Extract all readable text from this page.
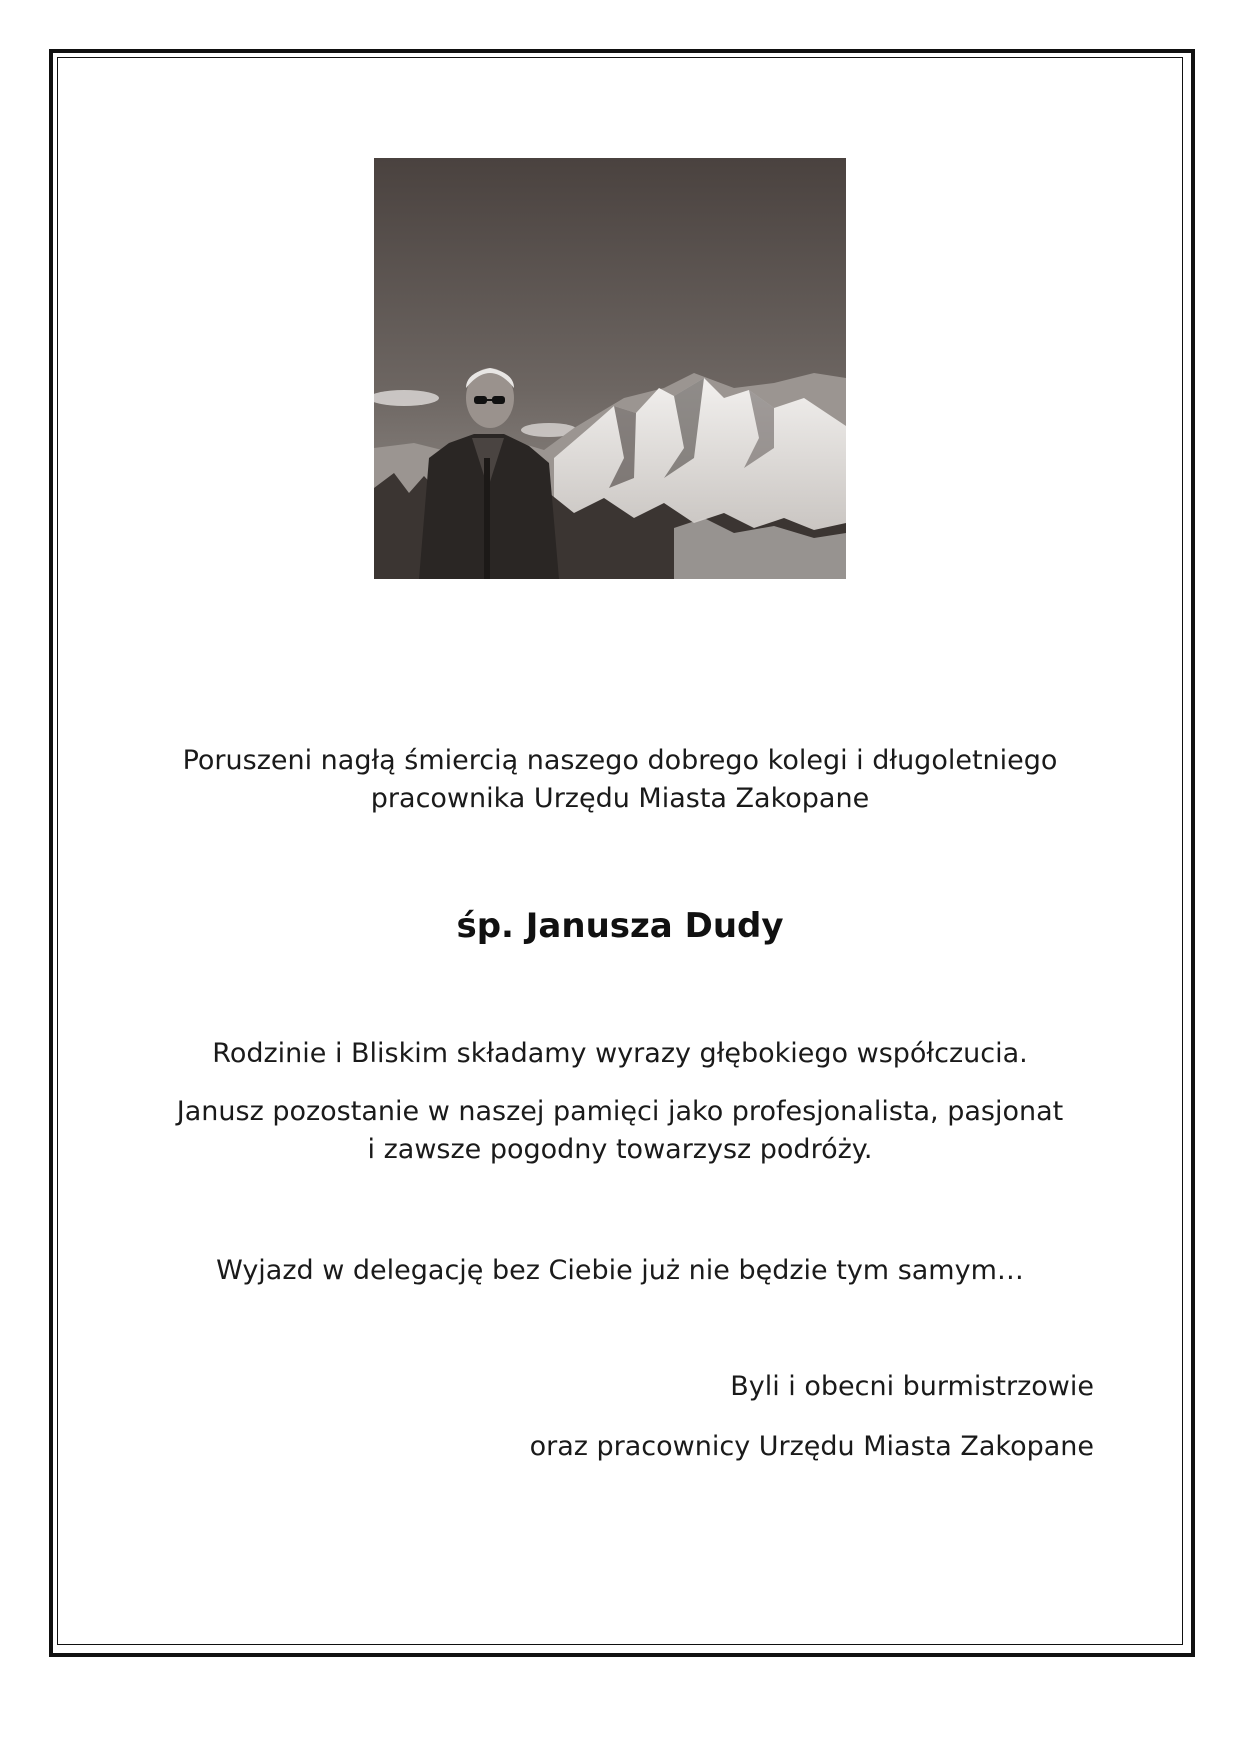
Poruszeni nagłą śmiercią naszego dobrego kolegi i długoletniego
pracownika Urzędu Miasta Zakopane
śp. Janusza Dudy
Rodzinie i Bliskim składamy wyrazy głębokiego współczucia.
Janusz pozostanie w naszej pamięci jako profesjonalista, pasjonat
i zawsze pogodny towarzysz podróży.
Wyjazd w delegację bez Ciebie już nie będzie tym samym…
Byli i obecni burmistrzowie
oraz pracownicy Urzędu Miasta Zakopane
